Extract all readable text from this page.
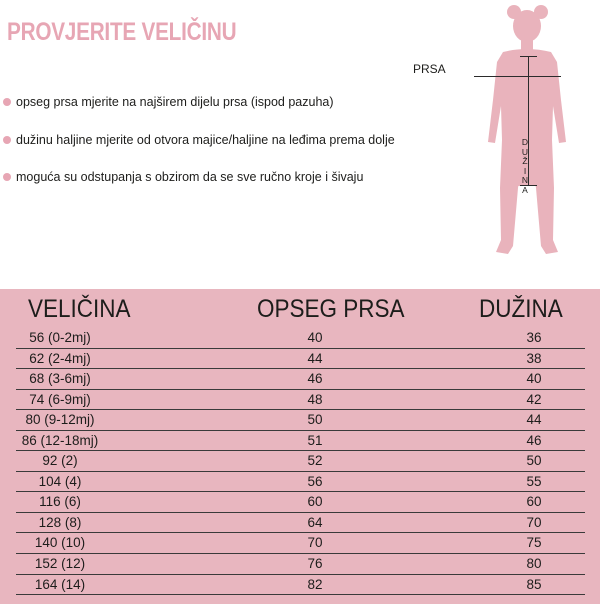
PROVJERITE VELIČINU
opseg prsa mjerite na najširem dijelu prsa (ispod pazuha)
dužinu haljine mjerite od otvora majice/haljine na leđima prema dolje
moguća su odstupanja s obzirom da se sve ručno kroje i šivaju
PRSA
D
U
Ž
I
N
A
VELIČINA	OPSEG PRSA	DUŽINA
56 (0-2mj)	40	36
62 (2-4mj)	44	38
68 (3-6mj)	46	40
74 (6-9mj)	48	42
80 (9-12mj)	50	44
86 (12-18mj)	51	46
92 (2)	52	50
104 (4)	56	55
116 (6)	60	60
128 (8)	64	70
140 (10)	70	75
152 (12)	76	80
164 (14)	82	85
